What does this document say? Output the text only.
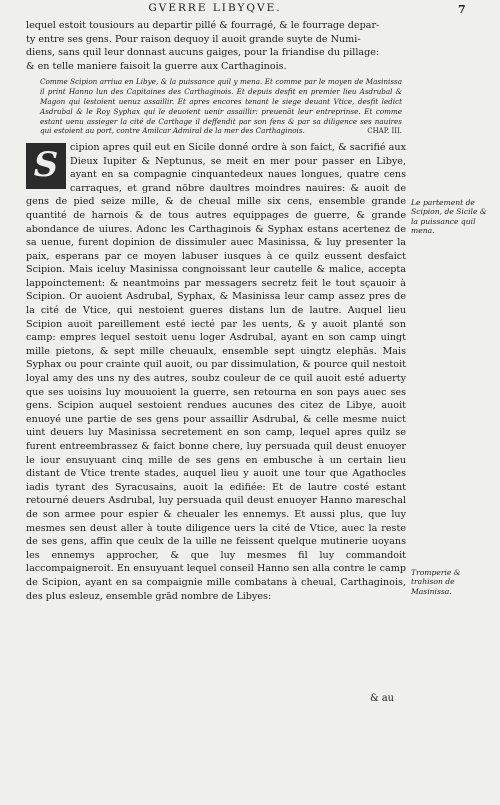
GVERRE LIBYQVE.	7

lequel estoit tousiours au departir pillé & fourragé, & le fourrage depar-

ty entre ses gens. Pour raison dequoy il auoit grande suyte de Numi-

diens, sans quil leur donnast aucuns gaiges, pour la friandise du pillage:

& en telle maniere faisoit la guerre aux Carthaginois.

Comme Scipion arriua en Libye, & la puissance quil y mena. Et comme par le moyen de Masinissa il print Hanno lun des Capitaines des Carthaginois. Et depuis desfit en premier lieu Asdrubal & Magon qui lestoient uenuz assaillir. Et apres encores tenant le siege deuant Vtice, desfit ledict Asdrubal & le Roy Syphax qui le deuoient uenir assaillir: preuenāt leur entreprinse. Et comme estant uenu assieger la cité de Carthage il deffendit par son fens & par sa diligence ses nauires qui estoient au port, contre Amilcar Admiral de la mer des Carthaginois.	CHAP. III.

S	cipion apres quil eut en Sicile donné ordre à son faict, & sacrifié aux Dieux Iupiter & Neptunus, se meit en mer pour passer en Libye, ayant en sa compagnie cinquantedeux naues longues, quatre cens carraques, et grand nōbre daultres moindres nauires: & auoit de gens de pied seize mille, & de cheual mille six cens, ensemble grande quantité de harnois & de tous autres equippages de guerre, & grande abondance de uiures. Adonc les Carthaginois & Syphax estans acertenez de sa uenue, furent dopinion de dissimuler auec Masinissa, & luy presenter la paix, esperans par ce moyen labuser iusques à ce quilz eussent desfaict Scipion. Mais iceluy Masinissa congnoissant leur cautelle & malice, accepta lappoinctement: & neantmoins par messagers secretz feit le tout sçauoir à Scipion. Or auoient Asdrubal, Syphax, & Masinissa leur camp assez pres de la cité de Vtice, qui nestoient gueres distans lun de lautre. Auquel lieu Scipion auoit pareillement esté iecté par les uents, & y auoit planté son camp: empres lequel sestoit uenu loger Asdrubal, ayant en son camp uingt mille pietons, & sept mille cheuaulx, ensemble sept uingtz elephās. Mais Syphax ou pour crainte quil auoit, ou par dissimulation, & pource quil nestoit loyal amy des uns ny des autres, soubz couleur de ce quil auoit esté aduerty que ses uoisins luy mouuoient la guerre, sen retourna en son pays auec ses gens. Scipion auquel sestoient rendues aucunes des citez de Libye, auoit enuoyé une partie de ses gens pour assaillir Asdrubal, & celle mesme nuict uint deuers luy Masinissa secretement en son camp, lequel apres quilz se furent entreembrassez & faict bonne chere, luy persuada quil deust enuoyer le iour ensuyuant cinq mille de ses gens en embusche à un certain lieu distant de Vtice trente stades, auquel lieu y auoit une tour que Agathocles iadis tyrant des Syracusains, auoit la edifiée: Et de lautre costé estant retourné deuers Asdrubal, luy persuada quil deust enuoyer Hanno mareschal de son armee pour espier & cheualer les ennemys. Et aussi plus, que luy mesmes sen deust aller à toute diligence uers la cité de Vtice, auec la reste de ses gens, affin que ceulx de la uille ne feissent quelque mutinerie uoyans les ennemys approcher, & que luy mesmes fil luy commandoit laccompaigneroit. En ensuyuant lequel conseil Hanno sen alla contre le camp de Scipion, ayant en sa compaignie mille combatans à cheual, Carthaginois, des plus esleuz, ensemble grād nombre de Libyes:

Le partement de Scipion, de Sicile & la puissance quil mena.
Tromperie & trahison de Masinissa.
& au
